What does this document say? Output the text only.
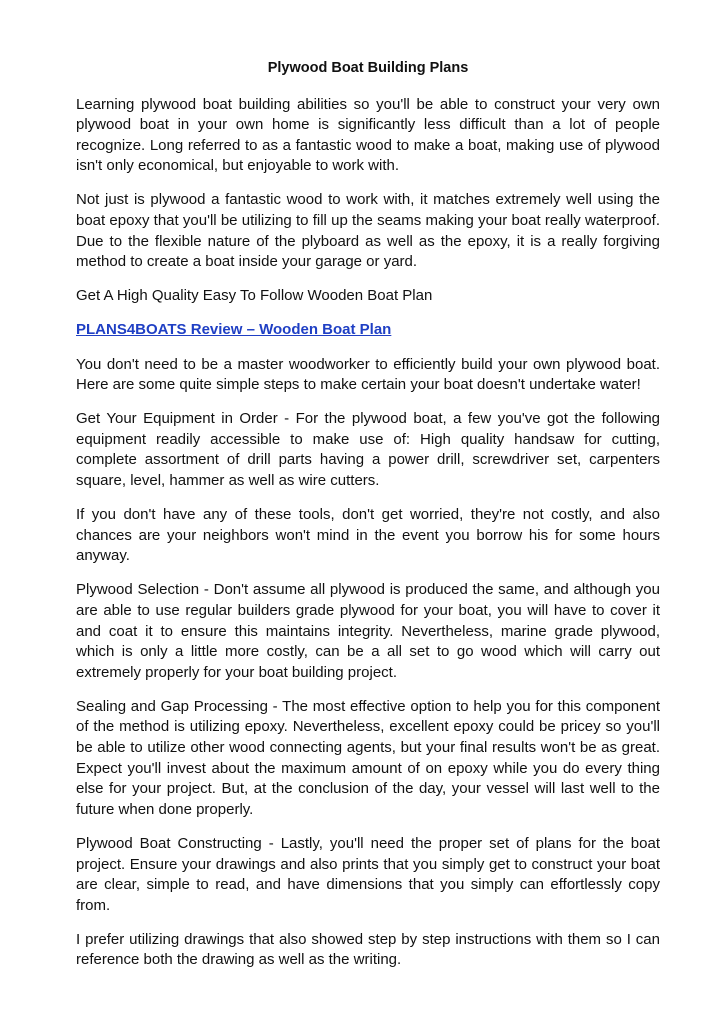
Plywood Boat Building Plans

Learning plywood boat building abilities so you'll be able to construct your very own plywood boat in your own home is significantly less difficult than a lot of people recognize. Long referred to as a fantastic wood to make a boat, making use of plywood isn't only economical, but enjoyable to work with.

Not just is plywood a fantastic wood to work with, it matches extremely well using the boat epoxy that you'll be utilizing to fill up the seams making your boat really waterproof. Due to the flexible nature of the plyboard as well as the epoxy, it is a really forgiving method to create a boat inside your garage or yard.

Get A High Quality Easy To Follow Wooden Boat Plan

PLANS4BOATS Review – Wooden Boat Plan

You don't need to be a master woodworker to efficiently build your own plywood boat. Here are some quite simple steps to make certain your boat doesn't undertake water!

Get Your Equipment in Order - For the plywood boat, a few you've got the following equipment readily accessible to make use of: High quality handsaw for cutting, complete assortment of drill parts having a power drill, screwdriver set, carpenters square, level, hammer as well as wire cutters.

If you don't have any of these tools, don't get worried, they're not costly, and also chances are your neighbors won't mind in the event you borrow his for some hours anyway.

Plywood Selection - Don't assume all plywood is produced the same, and although you are able to use regular builders grade plywood for your boat, you will have to cover it and coat it to ensure this maintains integrity. Nevertheless, marine grade plywood, which is only a little more costly, can be a all set to go wood which will carry out extremely properly for your boat building project.

Sealing and Gap Processing - The most effective option to help you for this component of the method is utilizing epoxy. Nevertheless, excellent epoxy could be pricey so you'll be able to utilize other wood connecting agents, but your final results won't be as great. Expect you'll invest about the maximum amount of on epoxy while you do every thing else for your project. But, at the conclusion of the day, your vessel will last well to the future when done properly.

Plywood Boat Constructing - Lastly, you'll need the proper set of plans for the boat project. Ensure your drawings and also prints that you simply get to construct your boat are clear, simple to read, and have dimensions that you simply can effortlessly copy from.

I prefer utilizing drawings that also showed step by step instructions with them so I can reference both the drawing as well as the writing.
